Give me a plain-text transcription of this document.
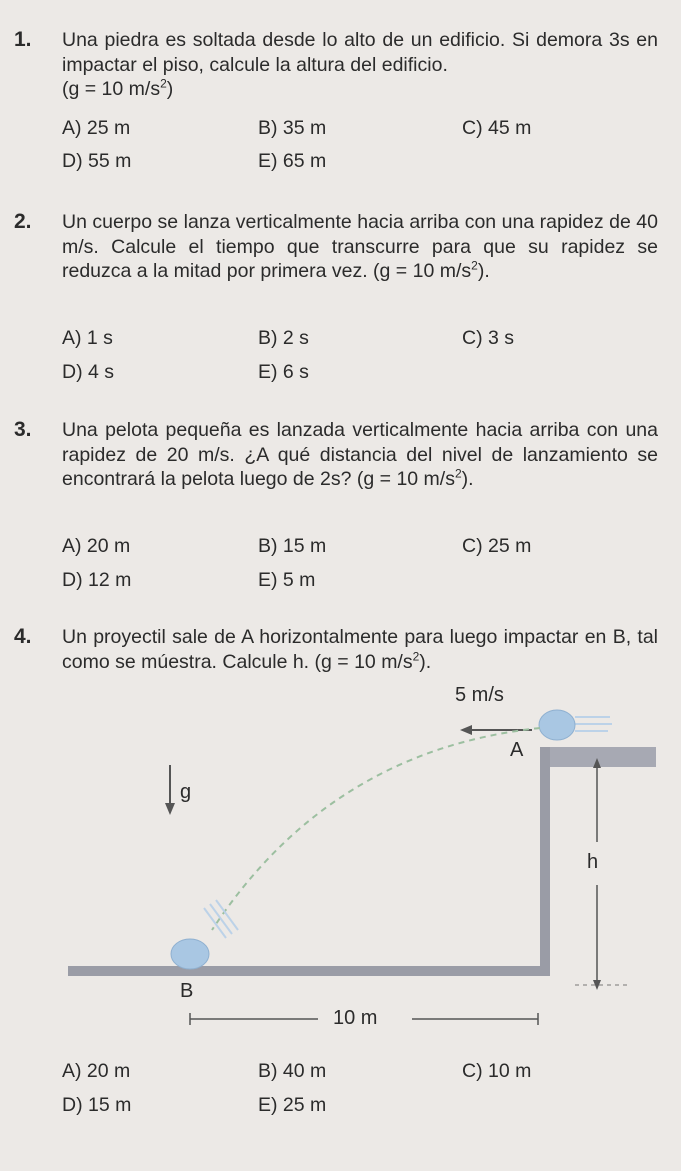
1. Una piedra es soltada desde lo alto de un edificio. Si demora 3s en impactar el piso, calcule la altura del edificio.
(g = 10 $m/s^2$)
A) 25 m	B) 35 m	C) 45 m
D) 55 m	E) 65 m
2. Un cuerpo se lanza verticalmente hacia arriba con una rapidez de 40 m/s. Calcule el tiempo que transcurre para que su rapidez se reduzca a la mitad por primera vez. (g = 10 $m/s^2$).
A) 1 s	B) 2 s	C) 3 s
D) 4 s	E) 6 s
3. Una pelota pequeña es lanzada verticalmente hacia arriba con una rapidez de 20 m/s. ¿A qué distancia del nivel de lanzamiento se encontrará la pelota luego de 2s? (g = 10 $m/s^2$).
A) 20 m	B) 15 m	C) 25 m
D) 12 m	E) 5 m
4. Un proyectil sale de A horizontalmente para luego impactar en B, tal como se múestra. Calcule h. (g = 10 $m/s^2$).
5 m/s
A
B
g
h
10 m
A) 20 m	B) 40 m	C) 10 m
D) 15 m	E) 25 m
